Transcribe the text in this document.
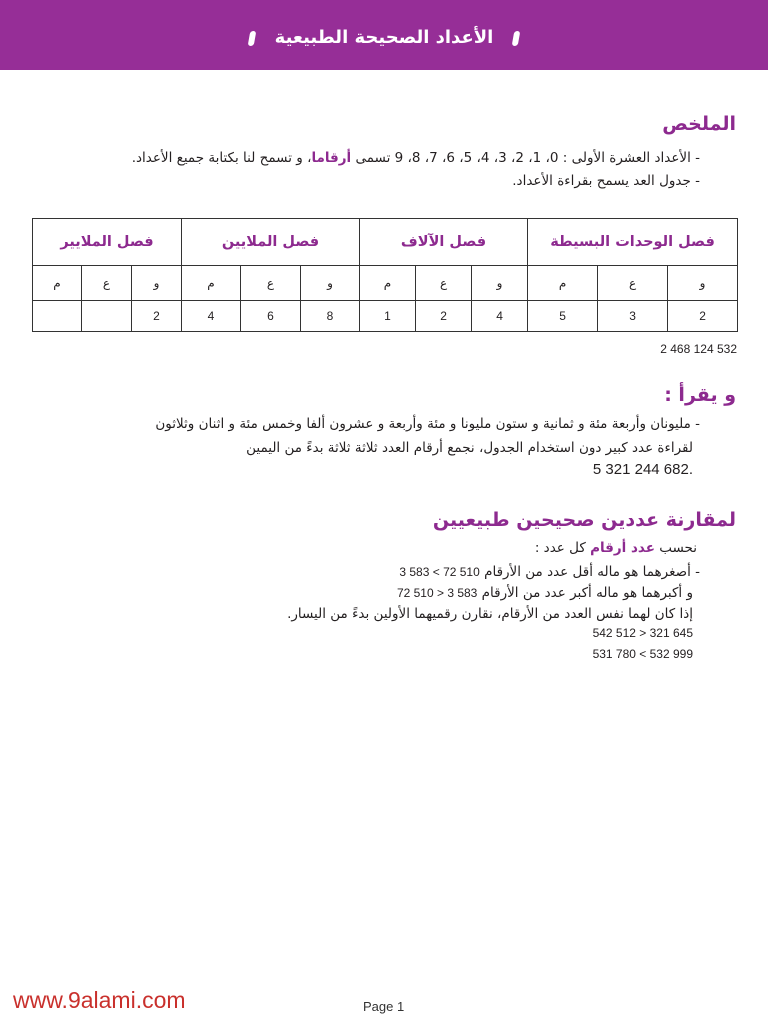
الأعداد الصحيحة الطبيعية
الملخص
- الأعداد العشرة الأولى : 0، 1، 2، 3، 4، 5، 6، 7، 8، 9 تسمى أرقاما، و تسمح لنا بكتابة جميع الأعداد.
- جدول العد يسمح بقراءة الأعداد.
فصل الوحدات البسيطة			فصل الآلاف			فصل الملايين			فصل الملايير		
و	ع	م	و	ع	م	و	ع	م	و	ع	م
2	3	5	4	2	1	8	6	4	2		
2 468 124 532
و يقرأ :
- مليونان وأربعة مئة و ثمانية و ستون مليونا و مئة وأربعة و عشرون ألفا وخمس مئة و اثنان وثلاثون
لقراءة عدد كبير دون استخدام الجدول، نجمع أرقام العدد ثلاثة ثلاثة بدءً من اليمين
5 321 244 682.
لمقارنة عددين صحيحين طبيعيين
نحسب عدد أرقام كل عدد :
- أصغرهما هو ماله أقل عدد من الأرقام 3 583 < 72 510
و أكبرهما هو ماله أكبر عدد من الأرقام 72 510 > 3 583
إذا كان لهما نفس العدد من الأرقام، نقارن رقميهما الأولين بدءً من اليسار.
542 512 > 321 645
531 780 < 532 999
www.9alami.com	Page 1
